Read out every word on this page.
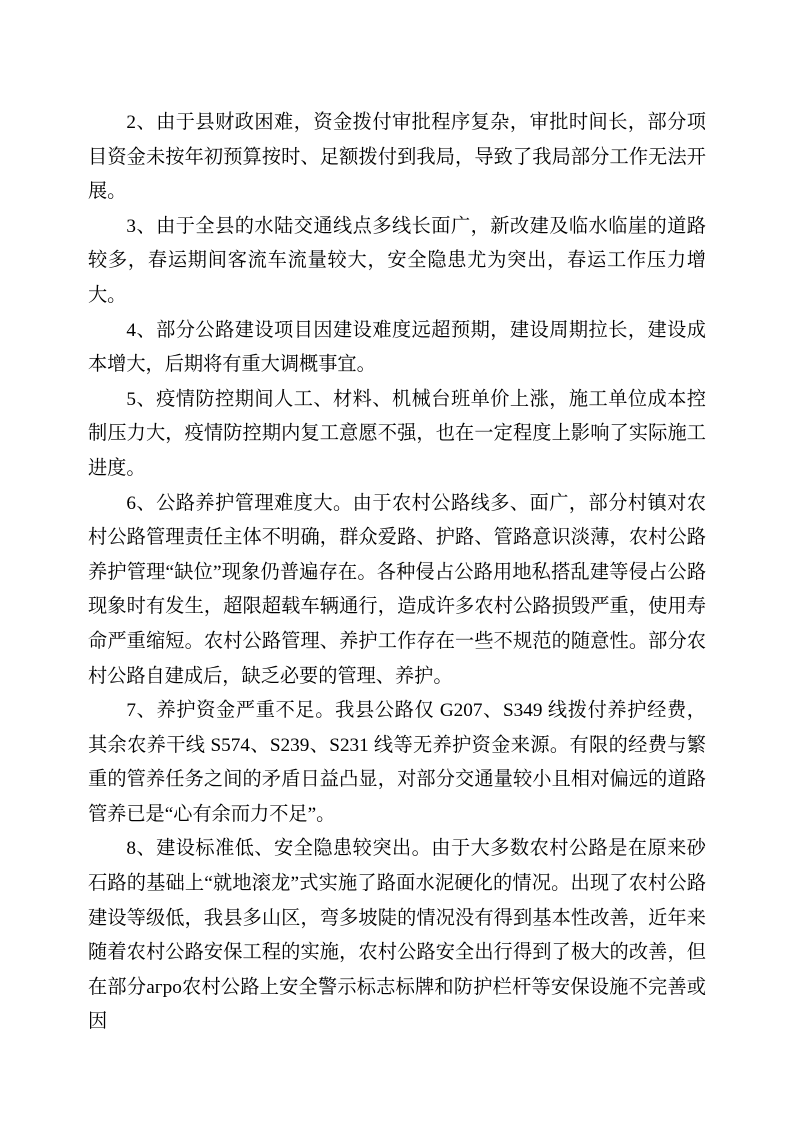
2、由于县财政困难，资金拨付审批程序复杂，审批时间长，部分项目资金未按年初预算按时、足额拨付到我局，导致了我局部分工作无法开展。

3、由于全县的水陆交通线点多线长面广，新改建及临水临崖的道路较多，春运期间客流车流量较大，安全隐患尤为突出，春运工作压力增大。

4、部分公路建设项目因建设难度远超预期，建设周期拉长，建设成本增大，后期将有重大调概事宜。

5、疫情防控期间人工、材料、机械台班单价上涨，施工单位成本控制压力大，疫情防控期内复工意愿不强，也在一定程度上影响了实际施工进度。

6、公路养护管理难度大。由于农村公路线多、面广，部分村镇对农村公路管理责任主体不明确，群众爱路、护路、管路意识淡薄，农村公路养护管理“缺位”现象仍普遍存在。各种侵占公路用地私搭乱建等侵占公路现象时有发生，超限超载车辆通行，造成许多农村公路损毁严重，使用寿命严重缩短。农村公路管理、养护工作存在一些不规范的随意性。部分农村公路自建成后，缺乏必要的管理、养护。

7、养护资金严重不足。我县公路仅 G207、S349 线拨付养护经费，其余农养干线 S574、S239、S231 线等无养护资金来源。有限的经费与繁重的管养任务之间的矛盾日益凸显，对部分交通量较小且相对偏远的道路管养已是“心有余而力不足”。

8、建设标准低、安全隐患较突出。由于大多数农村公路是在原来砂石路的基础上“就地滚龙”式实施了路面水泥硬化的情况。出现了农村公路建设等级低，我县多山区，弯多坡陡的情况没有得到基本性改善，近年来随着农村公路安保工程的实施，农村公路安全出行得到了极大的改善，但在部分агро农村公路上安全警示标志标牌和防护栏杆等安保设施不完善或因
